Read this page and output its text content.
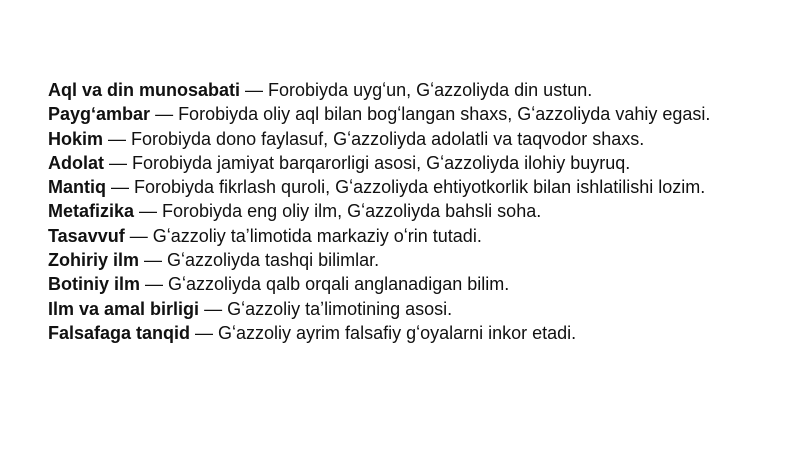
Aql va din munosabati — Forobiyda uygʻun, Gʻazzoliyda din ustun.

Paygʻambar — Forobiyda oliy aql bilan bogʻlangan shaxs, Gʻazzoliyda vahiy egasi.

Hokim — Forobiyda dono faylasuf, Gʻazzoliyda adolatli va taqvodor shaxs.

Adolat — Forobiyda jamiyat barqarorligi asosi, Gʻazzoliyda ilohiy buyruq.

Mantiq — Forobiyda fikrlash quroli, Gʻazzoliyda ehtiyotkorlik bilan ishlatilishi lozim.

Metafizika — Forobiyda eng oliy ilm, Gʻazzoliyda bahsli soha.

Tasavvuf — Gʻazzoliy taʼlimotida markaziy oʻrin tutadi.

Zohiriy ilm — Gʻazzoliyda tashqi bilimlar.

Botiniy ilm — Gʻazzoliyda qalb orqali anglanadigan bilim.

Ilm va amal birligi — Gʻazzoliy taʼlimotining asosi.

Falsafaga tanqid — Gʻazzoliy ayrim falsafiy gʻoyalarni inkor etadi.
